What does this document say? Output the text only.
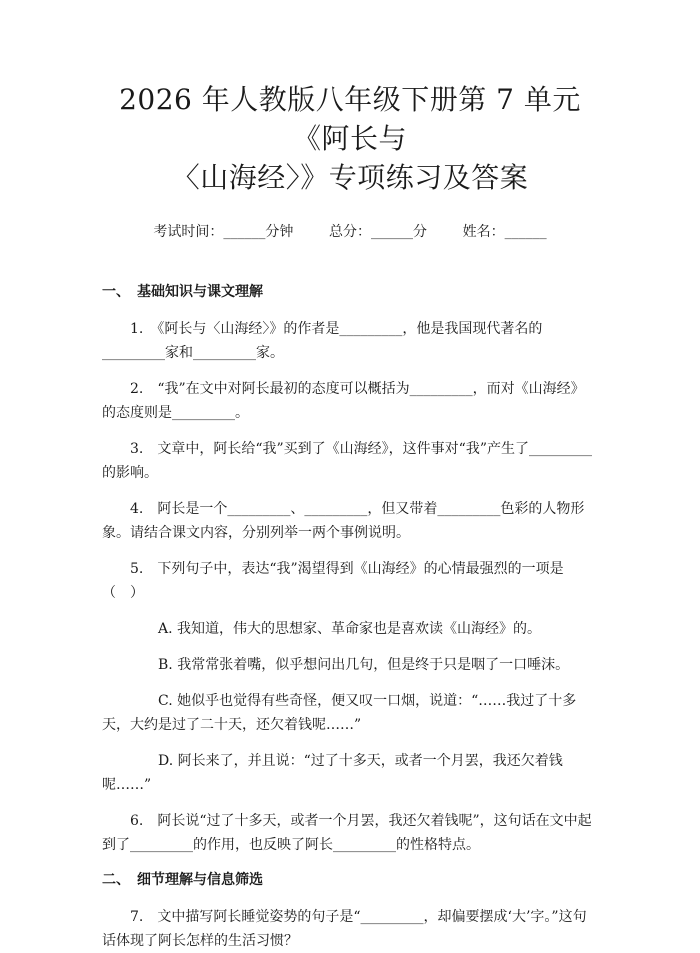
2026 年人教版八年级下册第 7 单元《阿长与
〈山海经〉》专项练习及答案
考试时间：______分钟	总分：______分	姓名：______
一、　基础知识与课文理解

1.　《阿长与〈山海经〉》的作者是_________，他是我国现代著名的_________家和_________家。

2.　“我”在文中对阿长最初的态度可以概括为_________，而对《山海经》的态度则是_________。

3.　文章中，阿长给“我”买到了《山海经》，这件事对“我”产生了_________的影响。

4.　阿长是一个_________、_________，但又带着_________色彩的人物形象。请结合课文内容，分别列举一两个事例说明。

5.　下列句子中，表达“我”渴望得到《山海经》的心情最强烈的一项是（　）

A. 我知道，伟大的思想家、革命家也是喜欢读《山海经》的。

B. 我常常张着嘴，似乎想问出几句，但是终于只是咽了一口唾沫。

C. 她似乎也觉得有些奇怪，便又叹一口烟，说道：“……我过了十多天，大约是过了二十天，还欠着钱呢……”

D. 阿长来了，并且说：“过了十多天，或者一个月罢，我还欠着钱呢……”

6.　阿长说“过了十多天，或者一个月罢，我还欠着钱呢”，这句话在文中起到了_________的作用，也反映了阿长_________的性格特点。

二、　细节理解与信息筛选

7.　文中描写阿长睡觉姿势的句子是“_________，却偏要摆成‘大’字。”这句话体现了阿长怎样的生活习惯？
